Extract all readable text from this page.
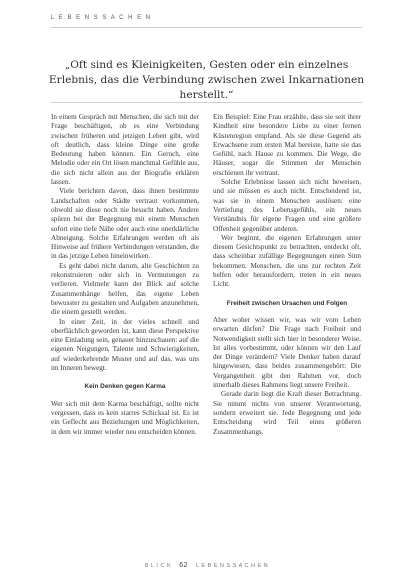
L E B E N S S A C H E N
„Oft sind es Kleinigkeiten, Gesten oder ein einzelnes Erlebnis, das die Verbindung zwischen zwei Inkarnationen herstellt.“

In einem Gespräch mit Menschen, die sich mit der Frage beschäftigen, ob es eine Verbindung zwischen früheren und jetzigen Leben gibt, wird oft deutlich, dass kleine Dinge eine große Bedeutung haben können. Ein Geruch, eine Melodie oder ein Ort lösen manchmal Gefühle aus, die sich nicht allein aus der Biografie erklären lassen.

Viele berichten davon, dass ihnen bestimmte Landschaften oder Städte vertraut vorkommen, obwohl sie diese noch nie besucht haben. Andere spüren bei der Begegnung mit einem Menschen sofort eine tiefe Nähe oder auch eine unerklärliche Abneigung. Solche Erfahrungen werden oft als Hinweise auf frühere Verbindungen verstanden, die in das jetzige Leben hineinwirken.

Es geht dabei nicht darum, alte Geschichten zu rekonstruieren oder sich in Vermutungen zu verlieren. Vielmehr kann der Blick auf solche Zusammenhänge helfen, das eigene Leben bewusster zu gestalten und Aufgaben anzunehmen, die einem gestellt werden.

In einer Zeit, in der vieles schnell und oberflächlich geworden ist, kann diese Perspektive eine Einladung sein, genauer hinzuschauen: auf die eigenen Neigungen, Talente und Schwierigkeiten, auf wiederkehrende Muster und auf das, was uns im Inneren bewegt.

Kein Denken gegen Karma

Wer sich mit dem Karma beschäftigt, sollte nicht vergessen, dass es kein starres Schicksal ist. Es ist ein Geflecht aus Beziehungen und Möglichkeiten, in dem wir immer wieder neu entscheiden können.

Ein Beispiel: Eine Frau erzählte, dass sie seit ihrer Kindheit eine besondere Liebe zu einer fernen Küstenregion empfand. Als sie diese Gegend als Erwachsene zum ersten Mal bereiste, hatte sie das Gefühl, nach Hause zu kommen. Die Wege, die Häuser, sogar die Stimmen der Menschen erschienen ihr vertraut.

Solche Erlebnisse lassen sich nicht beweisen, und sie müssen es auch nicht. Entscheidend ist, was sie in einem Menschen auslösen: eine Vertiefung des Lebensgefühls, ein neues Verständnis für eigene Fragen und eine größere Offenheit gegenüber anderen.

Wer beginnt, die eigenen Erfahrungen unter diesem Gesichtspunkt zu betrachten, entdeckt oft, dass scheinbar zufällige Begegnungen einen Sinn bekommen. Menschen, die uns zur rechten Zeit helfen oder herausfordern, treten in ein neues Licht.

Freiheit zwischen Ursachen und Folgen

Aber woher wissen wir, was wir vom Leben erwarten dürfen? Die Frage nach Freiheit und Notwendigkeit stellt sich hier in besonderer Weise. Ist alles vorbestimmt, oder können wir den Lauf der Dinge verändern? Viele Denker haben darauf hingewiesen, dass beides zusammengehört: Die Vergangenheit gibt den Rahmen vor, doch innerhalb dieses Rahmens liegt unsere Freiheit.

Gerade darin liegt die Kraft dieser Betrachtung. Sie nimmt nichts von unserer Verantwortung, sondern erweitert sie. Jede Begegnung und jede Entscheidung wird Teil eines größeren Zusammenhangs.

B L I C K 62 L E B E N S S A C H E N
